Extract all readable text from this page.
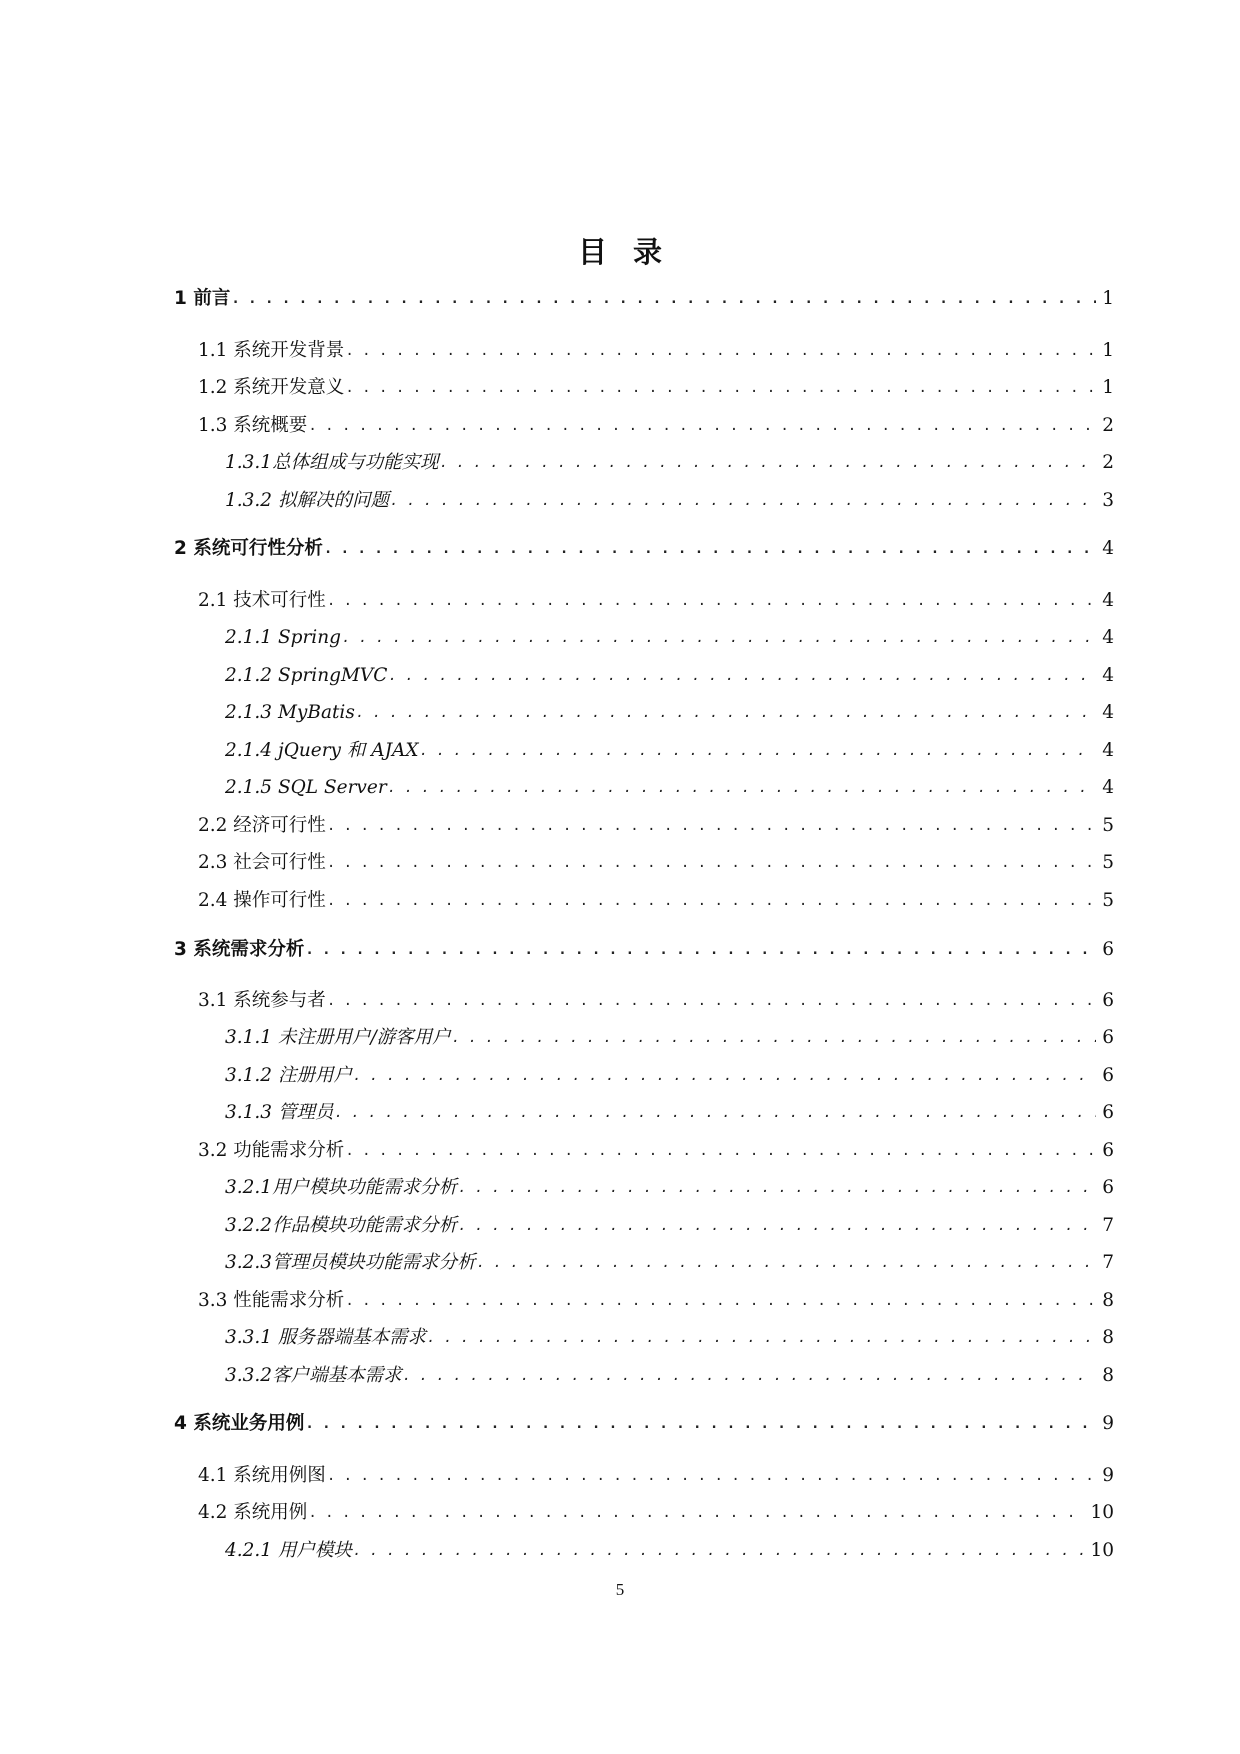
目录
1 前言 . . .	1
1.1 系统开发背景 . . .	1
1.2 系统开发意义 . . .	1
1.3 系统概要 . . .	2
1.3.1总体组成与功能实现 . . .	2
1.3.2 拟解决的问题 . . .	3
2 系统可行性分析 . . .	4
2.1 技术可行性 . . .	4
2.1.1 Spring . . .	4
2.1.2 SpringMVC . . .	4
2.1.3 MyBatis . . .	4
2.1.4 jQuery 和 AJAX . . .	4
2.1.5 SQL Server . . .	4
2.2 经济可行性 . . .	5
2.3 社会可行性 . . .	5
2.4 操作可行性 . . .	5
3 系统需求分析 . . .	6
3.1 系统参与者 . . .	6
3.1.1 未注册用户/游客用户 . . .	6
3.1.2 注册用户 . . .	6
3.1.3 管理员 . . .	6
3.2 功能需求分析 . . .	6
3.2.1用户模块功能需求分析 . . .	6
3.2.2作品模块功能需求分析 . . .	7
3.2.3管理员模块功能需求分析 . . .	7
3.3 性能需求分析 . . .	8
3.3.1 服务器端基本需求 . . .	8
3.3.2客户端基本需求 . . .	8
4 系统业务用例 . . .	9
4.1 系统用例图 . . .	9
4.2 系统用例 . . .	10
4.2.1 用户模块 . . .	10
5
